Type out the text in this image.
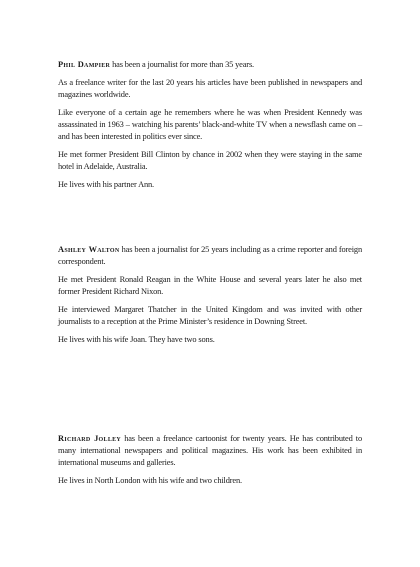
Phil Dampier has been a journalist for more than 35 years.

As a freelance writer for the last 20 years his articles have been published in newspapers and magazines worldwide.

Like everyone of a certain age he remembers where he was when President Kennedy was assassinated in 1963 – watching his parents’ black-and-white TV when a newsflash came on – and has been interested in politics ever since.

He met former President Bill Clinton by chance in 2002 when they were staying in the same hotel in Adelaide, Australia.

He lives with his partner Ann.

Ashley Walton has been a journalist for 25 years including as a crime reporter and foreign correspondent.

He met President Ronald Reagan in the White House and several years later he also met former President Richard Nixon.

He interviewed Margaret Thatcher in the United Kingdom and was invited with other journalists to a reception at the Prime Minister’s residence in Downing Street.

He lives with his wife Joan. They have two sons.

Richard Jolley has been a freelance cartoonist for twenty years. He has contributed to many international newspapers and political magazines. His work has been exhibited in international museums and galleries.

He lives in North London with his wife and two children.
